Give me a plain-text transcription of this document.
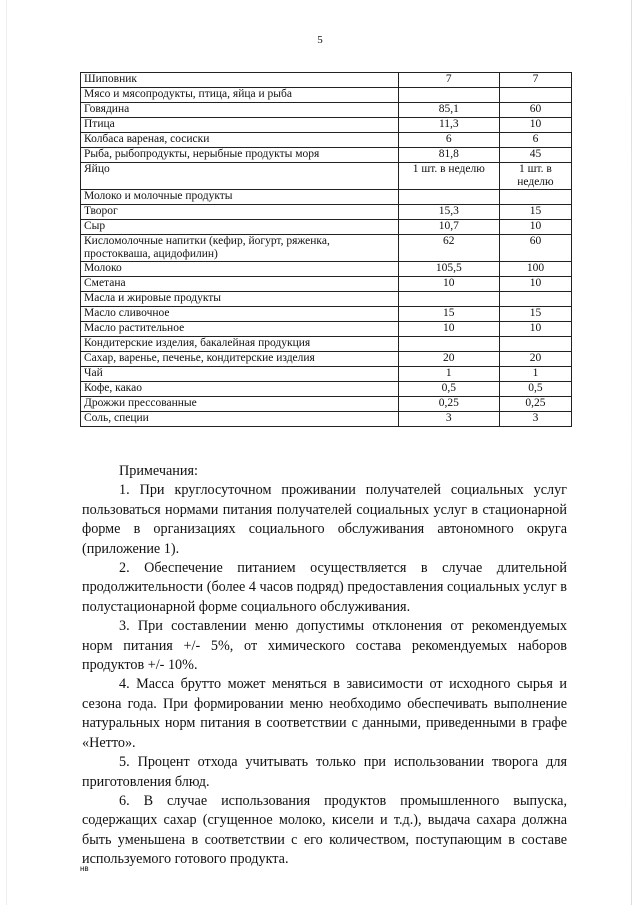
5
Шиповник	7	7
Мясо и мясопродукты, птица, яйца и рыба		
Говядина	85,1	60
Птица	11,3	10
Колбаса вареная, сосиски	6	6
Рыба, рыбопродукты, нерыбные продукты моря	81,8	45
Яйцо	1 шт. в неделю	1 шт. в неделю
Молоко и молочные продукты		
Творог	15,3	15
Сыр	10,7	10
Кисломолочные напитки (кефир, йогурт, ряженка, простокваша, ацидофилин)	62	60
Молоко	105,5	100
Сметана	10	10
Масла и жировые продукты		
Масло сливочное	15	15
Масло растительное	10	10
Кондитерские изделия, бакалейная продукция		
Сахар, варенье, печенье, кондитерские изделия	20	20
Чай	1	1
Кофе, какао	0,5	0,5
Дрожжи прессованные	0,25	0,25
Соль, специи	3	3

Примечания:

1. При круглосуточном проживании получателей социальных услуг пользоваться нормами питания получателей социальных услуг в стационарной форме в организациях социального обслуживания автономного округа (приложение 1).

2. Обеспечение питанием осуществляется в случае длительной продолжительности (более 4 часов подряд) предоставления социальных услуг в полустационарной форме социального обслуживания.

3. При составлении меню допустимы отклонения от рекомендуемых норм питания +/- 5%, от химического состава рекомендуемых наборов продуктов +/- 10%.

4. Масса брутто может меняться в зависимости от исходного сырья и сезона года. При формировании меню необходимо обеспечивать выполнение натуральных норм питания в соответствии с данными, приведенными в графе «Нетто».

5. Процент отхода учитывать только при использовании творога для приготовления блюд.

6. В случае использования продуктов промышленного выпуска, содержащих сахар (сгущенное молоко, кисели и т.д.), выдача сахара должна быть уменьшена в соответствии с его количеством, поступающим в составе используемого готового продукта.

нв
